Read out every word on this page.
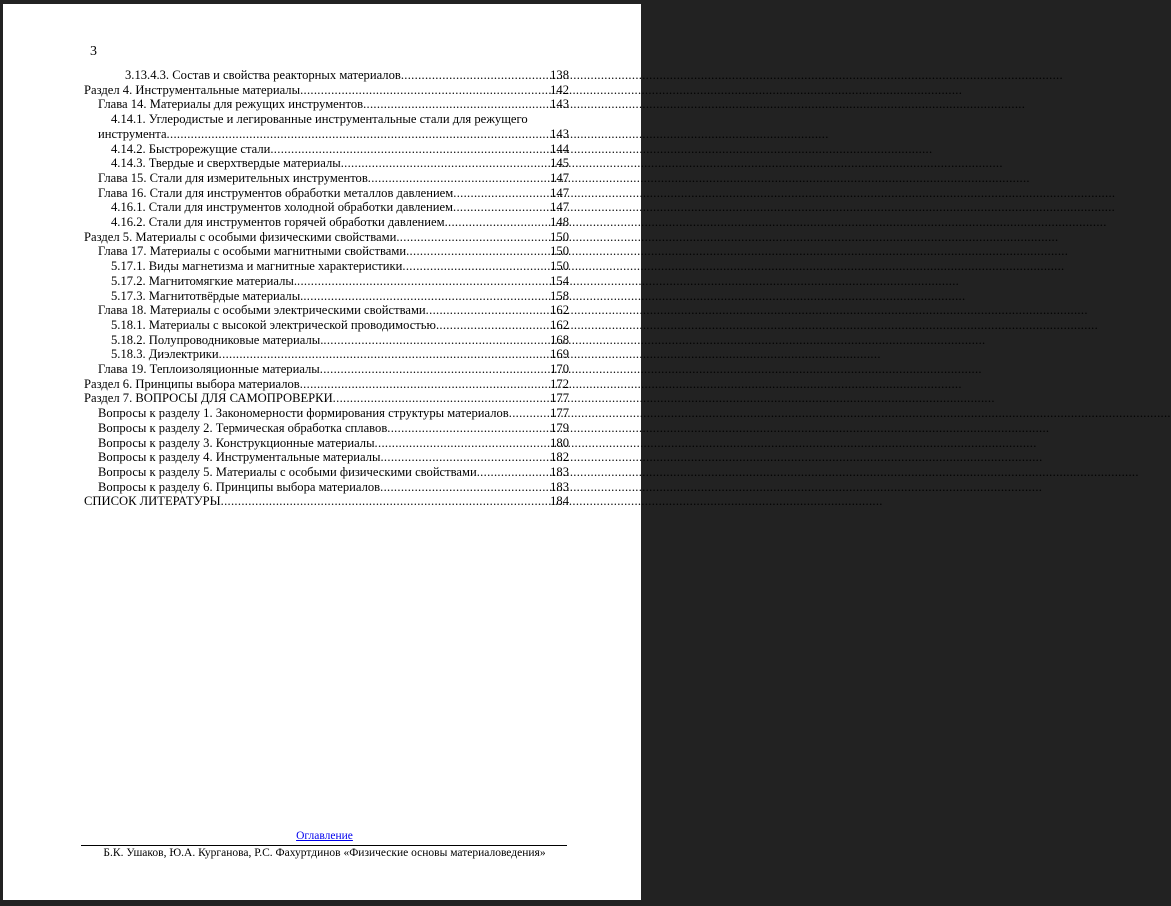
3
3.13.4.3. Состав и свойства реакторных материалов .....	138
Раздел 4. Инструментальные материалы .....	142
Глава 14. Материалы для режущих инструментов .....	143
4.14.1. Углеродистые и легированные инструментальные стали для режущего
инструмента .....	143
4.14.2. Быстрорежущие стали .....	144
4.14.3. Твердые и сверхтвердые материалы .....	145
Глава 15. Стали для измерительных инструментов .....	147
Глава 16. Стали для инструментов обработки металлов давлением .....	147
4.16.1. Стали для инструментов холодной обработки давлением .....	147
4.16.2. Стали для инструментов горячей обработки давлением .....	148
Раздел 5. Материалы с особыми физическими свойствами .....	150
Глава 17. Материалы с особыми магнитными свойствами .....	150
5.17.1. Виды магнетизма и магнитные характеристики .....	150
5.17.2. Магнитомягкие материалы. .....	154
5.17.3. Магнитотвёрдые материалы. .....	158
Глава 18. Материалы с особыми электрическими свойствами .....	162
5.18.1. Материалы с высокой электрической проводимостью .....	162
5.18.2. Полупроводниковые материалы. .....	168
5.18.3. Диэлектрики .....	169
Глава 19. Теплоизоляционные материалы .....	170
Раздел 6. Принципы выбора материалов .....	172
Раздел 7. ВОПРОСЫ ДЛЯ САМОПРОВЕРКИ .....	177
Вопросы к разделу 1. Закономерности формирования структуры материалов .....	177
Вопросы к разделу 2. Термическая обработка сплавов .....	179
Вопросы к разделу 3. Конструкционные материалы .....	180
Вопросы к разделу 4. Инструментальные материалы .....	182
Вопросы к разделу 5. Материалы с особыми физическими свойствами .....	183
Вопросы к разделу 6. Принципы выбора материалов .....	183
СПИСОК ЛИТЕРАТУРЫ .....	184
Оглавление
Б.К. Ушаков, Ю.А. Курганова, Р.С. Фахуртдинов «Физические основы материаловедения»
